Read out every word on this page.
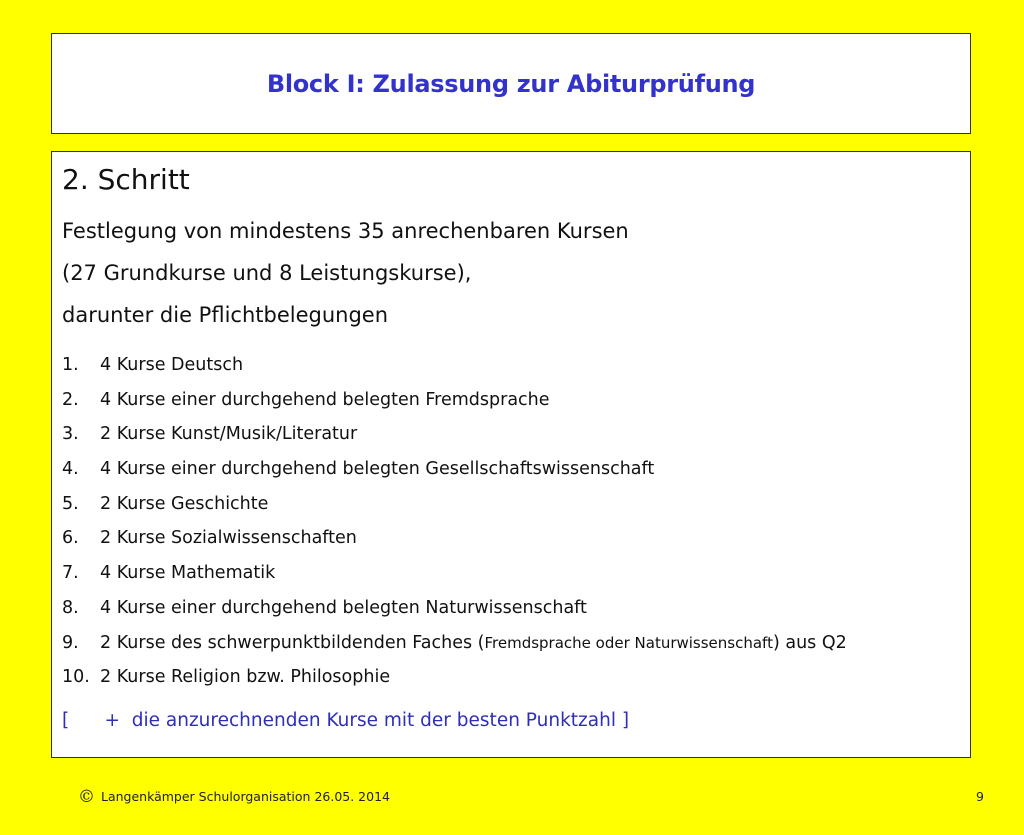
Block I: Zulassung zur Abiturprüfung
2. Schritt

Festlegung von mindestens 35 anrechenbaren Kursen
(27 Grundkurse und 8 Leistungskurse),
darunter die Pflichtbelegungen

1. 4 Kurse Deutsch
2. 4 Kurse einer durchgehend belegten Fremdsprache
3. 2 Kurse Kunst/Musik/Literatur
4. 4 Kurse einer durchgehend belegten Gesellschaftswissenschaft
5. 2 Kurse Geschichte
6. 2 Kurse Sozialwissenschaften
7. 4 Kurse Mathematik
8. 4 Kurse einer durchgehend belegten Naturwissenschaft
9. 2 Kurse des schwerpunktbildenden Faches (Fremdsprache oder Naturwissenschaft) aus Q2
10. 2 Kurse Religion bzw. Philosophie

[      +  die anzurechnenden Kurse mit der besten Punktzahl ]

© Langenkämper Schulorganisation 26.05. 2014	9
